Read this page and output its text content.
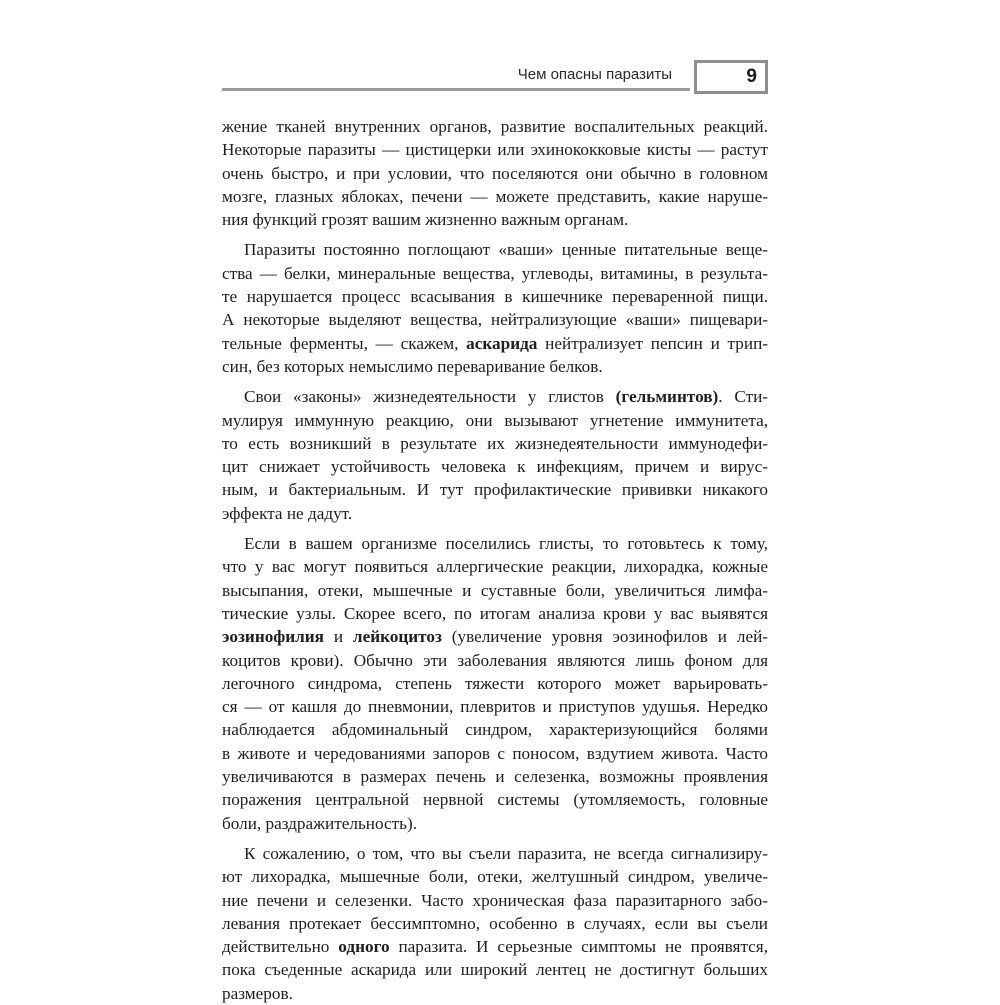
Чем опасны паразиты	9
жение тканей внутренних органов, развитие воспалительных реакций.
Некоторые паразиты — цистицерки или эхинококковые кисты — растут
очень быстро, и при условии, что поселяются они обычно в головном
мозге, глазных яблоках, печени — можете представить, какие наруше-
ния функций грозят вашим жизненно важным органам.
Паразиты постоянно поглощают «ваши» ценные питательные веще-
ства — белки, минеральные вещества, углеводы, витамины, в результа-
те нарушается процесс всасывания в кишечнике переваренной пищи.
А некоторые выделяют вещества, нейтрализующие «ваши» пищевари-
тельные ферменты, — скажем, аскарида нейтрализует пепсин и трип-
син, без которых немыслимо переваривание белков.
Свои «законы» жизнедеятельности у глистов (гельминтов). Сти-
мулируя иммунную реакцию, они вызывают угнетение иммунитета,
то есть возникший в результате их жизнедеятельности иммунодефи-
цит снижает устойчивость человека к инфекциям, причем и вирус-
ным, и бактериальным. И тут профилактические прививки никакого
эффекта не дадут.
Если в вашем организме поселились глисты, то готовьтесь к тому,
что у вас могут появиться аллергические реакции, лихорадка, кожные
высыпания, отеки, мышечные и суставные боли, увеличиться лимфа-
тические узлы. Скорее всего, по итогам анализа крови у вас выявятся
эозинофилия и лейкоцитоз (увеличение уровня эозинофилов и лей-
коцитов крови). Обычно эти заболевания являются лишь фоном для
легочного синдрома, степень тяжести которого может варьировать-
ся — от кашля до пневмонии, плевритов и приступов удушья. Нередко
наблюдается абдоминальный синдром, характеризующийся болями
в животе и чередованиями запоров с поносом, вздутием живота. Часто
увеличиваются в размерах печень и селезенка, возможны проявления
поражения центральной нервной системы (утомляемость, головные
боли, раздражительность).
К сожалению, о том, что вы съели паразита, не всегда сигнализиру-
ют лихорадка, мышечные боли, отеки, желтушный синдром, увеличе-
ние печени и селезенки. Часто хроническая фаза паразитарного забо-
левания протекает бессимптомно, особенно в случаях, если вы съели
действительно одного паразита. И серьезные симптомы не проявятся,
пока съеденные аскарида или широкий лентец не достигнут больших
размеров.
